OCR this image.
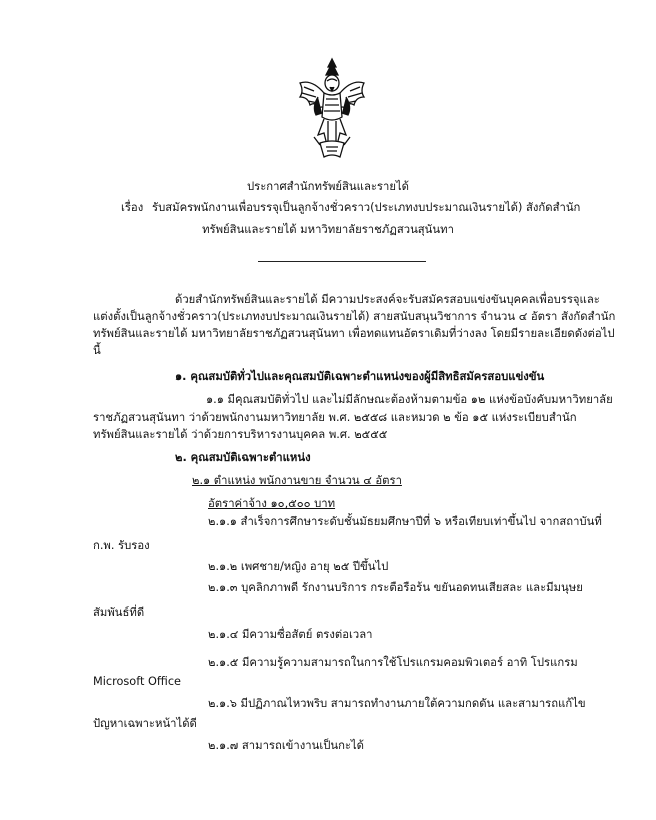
ประกาศสำนักทรัพย์สินและรายได้
เรื่อง รับสมัครพนักงานเพื่อบรรจุเป็นลูกจ้างชั่วคราว(ประเภทงบประมาณเงินรายได้) สังกัดสำนัก
ทรัพย์สินและรายได้ มหาวิทยาลัยราชภัฏสวนสุนันทา
ด้วยสำนักทรัพย์สินและรายได้ มีความประสงค์จะรับสมัครสอบแข่งขันบุคคลเพื่อบรรจุและ
แต่งตั้งเป็นลูกจ้างชั่วคราว(ประเภทงบประมาณเงินรายได้) สายสนับสนุนวิชาการ จำนวน ๔ อัตรา สังกัดสำนัก
ทรัพย์สินและรายได้ มหาวิทยาลัยราชภัฏสวนสุนันทา เพื่อทดแทนอัตราเดิมที่ว่างลง โดยมีรายละเอียดดังต่อไป
นี้
๑. คุณสมบัติทั่วไปและคุณสมบัติเฉพาะตำแหน่งของผู้มีสิทธิสมัครสอบแข่งขัน
๑.๑ มีคุณสมบัติทั่วไป และไม่มีลักษณะต้องห้ามตามข้อ ๑๒ แห่งข้อบังคับมหาวิทยาลัย
ราชภัฏสวนสุนันทา ว่าด้วยพนักงานมหาวิทยาลัย พ.ศ. ๒๕๕๘ และหมวด ๒ ข้อ ๑๕ แห่งระเบียบสำนัก
ทรัพย์สินและรายได้ ว่าด้วยการบริหารงานบุคคล พ.ศ. ๒๕๕๕
๒. คุณสมบัติเฉพาะตำแหน่ง
๒.๑ ตำแหน่ง พนักงานขาย จำนวน ๔ อัตรา
อัตราค่าจ้าง ๑๐,๕๐๐ บาท
๒.๑.๑ สำเร็จการศึกษาระดับชั้นมัธยมศึกษาปีที่ ๖ หรือเทียบเท่าขึ้นไป จากสถาบันที่
ก.พ. รับรอง
๒.๑.๒ เพศชาย/หญิง อายุ ๒๕ ปีขึ้นไป
๒.๑.๓ บุคลิกภาพดี รักงานบริการ กระตือรือร้น ขยันอดทนเสียสละ และมีมนุษย
สัมพันธ์ที่ดี
๒.๑.๔ มีความซื่อสัตย์ ตรงต่อเวลา
๒.๑.๕ มีความรู้ความสามารถในการใช้โปรแกรมคอมพิวเตอร์ อาทิ โปรแกรม
Microsoft Office
๒.๑.๖ มีปฏิภาณไหวพริบ สามารถทำงานภายใต้ความกดดัน และสามารถแก้ไข
ปัญหาเฉพาะหน้าได้ดี
๒.๑.๗ สามารถเข้างานเป็นกะได้
